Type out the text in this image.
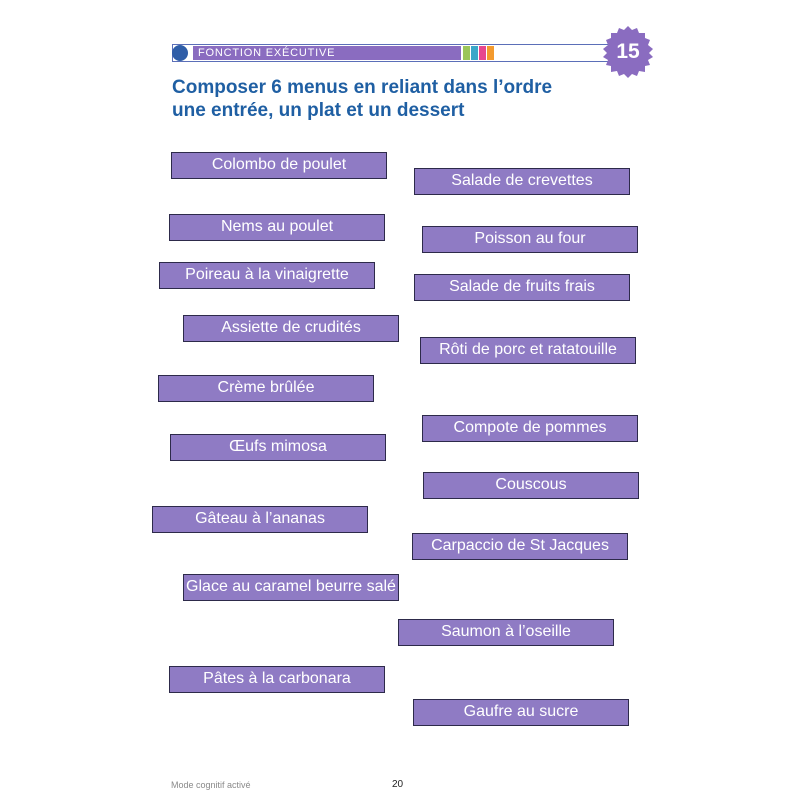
FONCTION EXÉCUTIVE	15
Composer 6 menus en reliant dans l’ordre
une entrée, un plat et un dessert
Colombo de poulet
Salade de crevettes
Nems au poulet
Poisson au four
Poireau à la vinaigrette
Salade de fruits frais
Assiette de crudités
Rôti de porc et ratatouille
Crème brûlée
Compote de pommes
Œufs mimosa
Couscous
Gâteau à l’ananas
Carpaccio de St Jacques
Glace au caramel beurre salé
Saumon à l’oseille
Pâtes à la carbonara
Gaufre au sucre
Mode cognitif activé	20
